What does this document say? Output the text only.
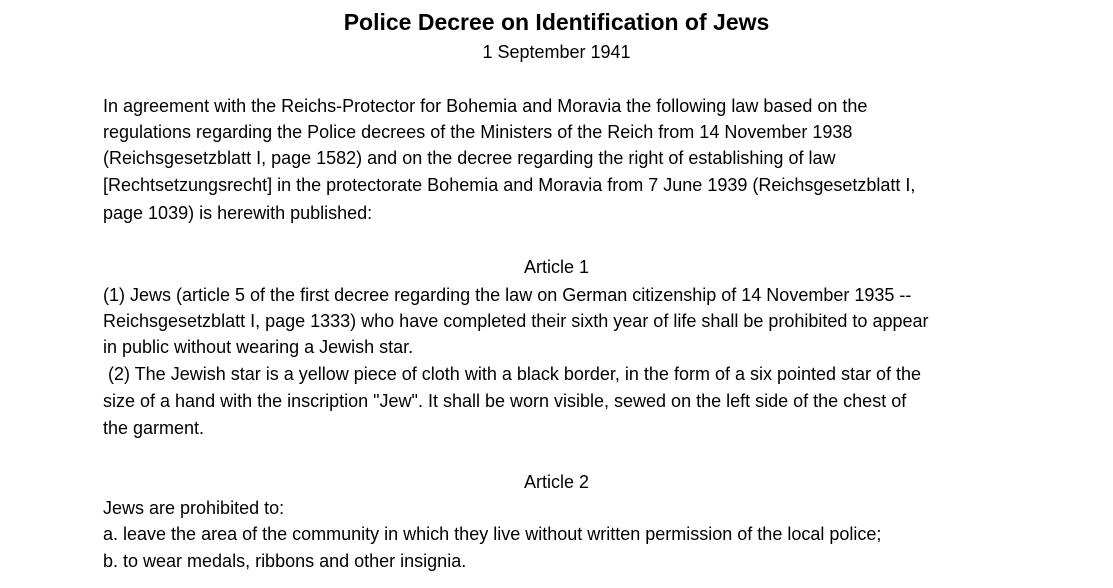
Police Decree on Identification of Jews
1 September 1941

In agreement with the Reichs-Protector for Bohemia and Moravia the following law based on the

regulations regarding the Police decrees of the Ministers of the Reich from 14 November 1938

(Reichsgesetzblatt I, page 1582) and on the decree regarding the right of establishing of law

[Rechtsetzungsrecht] in the protectorate Bohemia and Moravia from 7 June 1939 (Reichsgesetzblatt I,

page 1039) is herewith published:

Article 1

(1) Jews (article 5 of the first decree regarding the law on German citizenship of 14 November 1935 --

Reichsgesetzblatt I, page 1333) who have completed their sixth year of life shall be prohibited to appear

in public without wearing a Jewish star.

(2) The Jewish star is a yellow piece of cloth with a black border, in the form of a six pointed star of the

size of a hand with the inscription "Jew". It shall be worn visible, sewed on the left side of the chest of

the garment.

Article 2

Jews are prohibited to:

a. leave the area of the community in which they live without written permission of the local police;

b. to wear medals, ribbons and other insignia.
